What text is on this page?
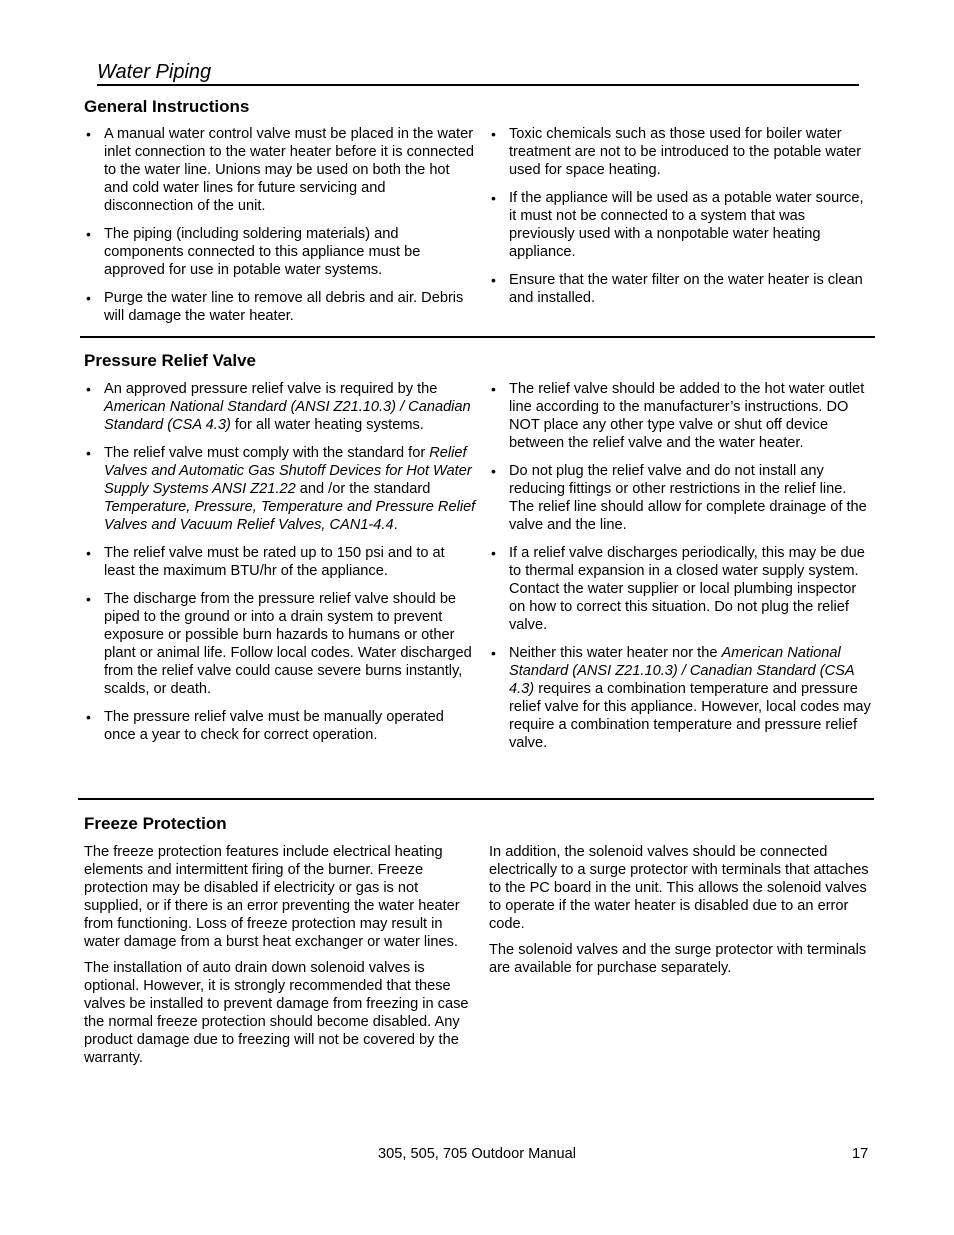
Water Piping
General Instructions
• A manual water control valve must be placed in the water inlet connection to the water heater before it is connected to the water line. Unions may be used on both the hot and cold water lines for future servicing and disconnection of the unit.
• The piping (including soldering materials) and components connected to this appliance must be approved for use in potable water systems.
• Purge the water line to remove all debris and air. Debris will damage the water heater.
• Toxic chemicals such as those used for boiler water treatment are not to be introduced to the potable water used for space heating.
• If the appliance will be used as a potable water source, it must not be connected to a system that was previously used with a nonpotable water heating appliance.
• Ensure that the water filter on the water heater is clean and installed.
Pressure Relief Valve
• An approved pressure relief valve is required by the American National Standard (ANSI Z21.10.3) / Canadian Standard (CSA 4.3) for all water heating systems.
• The relief valve must comply with the standard for Relief Valves and Automatic Gas Shutoff Devices for Hot Water Supply Systems ANSI Z21.22 and /or the standard Temperature, Pressure, Temperature and Pressure Relief Valves and Vacuum Relief Valves, CAN1-4.4.
• The relief valve must be rated up to 150 psi and to at least the maximum BTU/hr of the appliance.
• The discharge from the pressure relief valve should be piped to the ground or into a drain system to prevent exposure or possible burn hazards to humans or other plant or animal life. Follow local codes. Water discharged from the relief valve could cause severe burns instantly, scalds, or death.
• The pressure relief valve must be manually operated once a year to check for correct operation.
• The relief valve should be added to the hot water outlet line according to the manufacturer’s instructions. DO NOT place any other type valve or shut off device between the relief valve and the water heater.
• Do not plug the relief valve and do not install any reducing fittings or other restrictions in the relief line. The relief line should allow for complete drainage of the valve and the line.
• If a relief valve discharges periodically, this may be due to thermal expansion in a closed water supply system. Contact the water supplier or local plumbing inspector on how to correct this situation. Do not plug the relief valve.
• Neither this water heater nor the American National Standard (ANSI Z21.10.3) / Canadian Standard (CSA 4.3) requires a combination temperature and pressure relief valve for this appliance. However, local codes may require a combination temperature and pressure relief valve.
Freeze Protection

The freeze protection features include electrical heating elements and intermittent firing of the burner. Freeze protection may be disabled if electricity or gas is not supplied, or if there is an error preventing the water heater from functioning. Loss of freeze protection may result in water damage from a burst heat exchanger or water lines.

The installation of auto drain down solenoid valves is optional. However, it is strongly recommended that these valves be installed to prevent damage from freezing in case the normal freeze protection should become disabled. Any product damage due to freezing will not be covered by the warranty.

In addition, the solenoid valves should be connected electrically to a surge protector with terminals that attaches to the PC board in the unit. This allows the solenoid valves to operate if the water heater is disabled due to an error code.

The solenoid valves and the surge protector with terminals are available for purchase separately.

305, 505, 705 Outdoor Manual	17
